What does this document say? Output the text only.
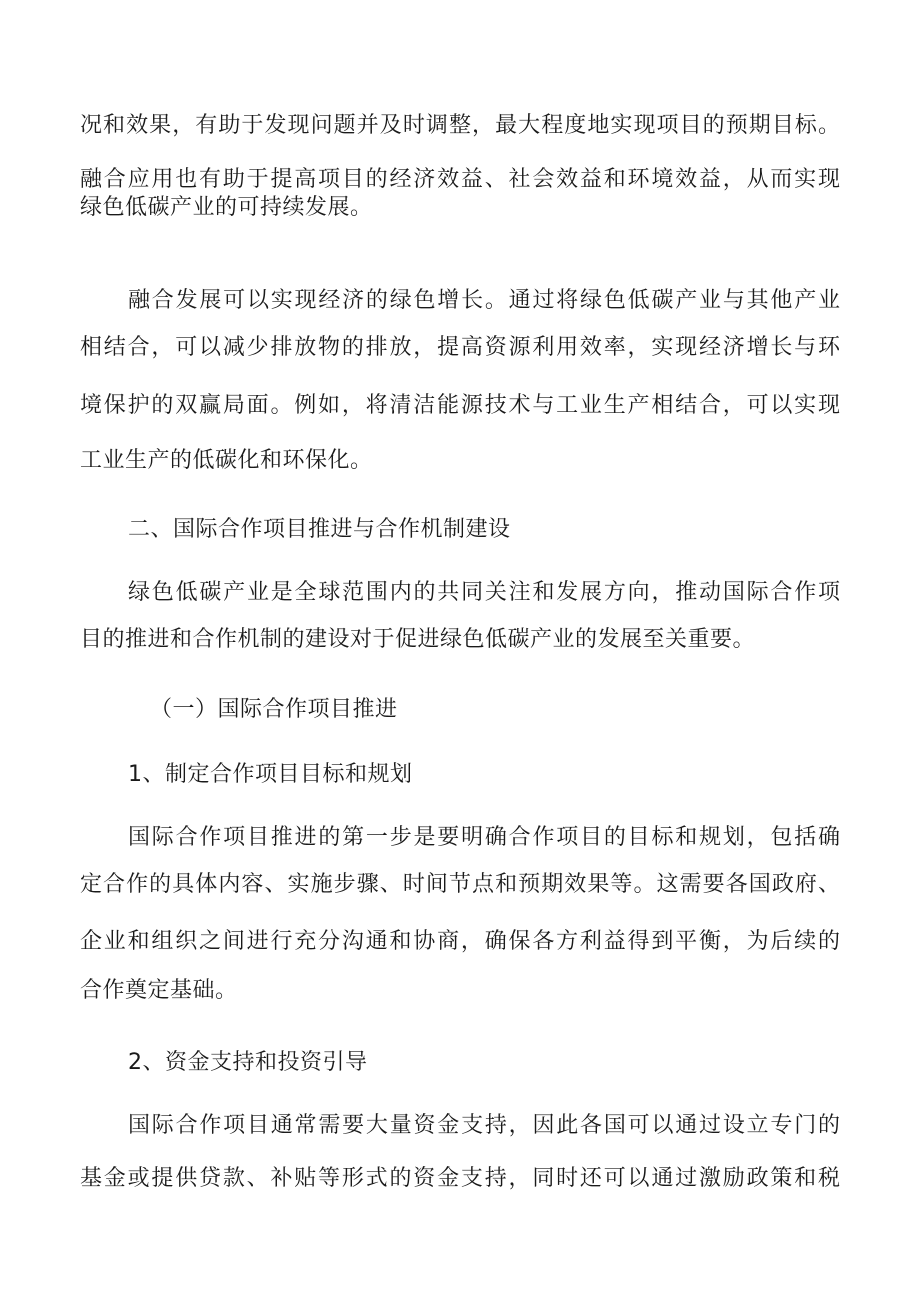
况和效果，有助于发现问题并及时调整，最大程度地实现项目的预期目标。
融合应用也有助于提高项目的经济效益、社会效益和环境效益，从而实现
绿色低碳产业的可持续发展。
融合发展可以实现经济的绿色增长。通过将绿色低碳产业与其他产业
相结合，可以减少排放物的排放，提高资源利用效率，实现经济增长与环
境保护的双赢局面。例如，将清洁能源技术与工业生产相结合，可以实现
工业生产的低碳化和环保化。
二、国际合作项目推进与合作机制建设
绿色低碳产业是全球范围内的共同关注和发展方向，推动国际合作项
目的推进和合作机制的建设对于促进绿色低碳产业的发展至关重要。
（一）国际合作项目推进
1、制定合作项目目标和规划
国际合作项目推进的第一步是要明确合作项目的目标和规划，包括确
定合作的具体内容、实施步骤、时间节点和预期效果等。这需要各国政府、
企业和组织之间进行充分沟通和协商，确保各方利益得到平衡，为后续的
合作奠定基础。
2、资金支持和投资引导
国际合作项目通常需要大量资金支持，因此各国可以通过设立专门的
基金或提供贷款、补贴等形式的资金支持，同时还可以通过激励政策和税
